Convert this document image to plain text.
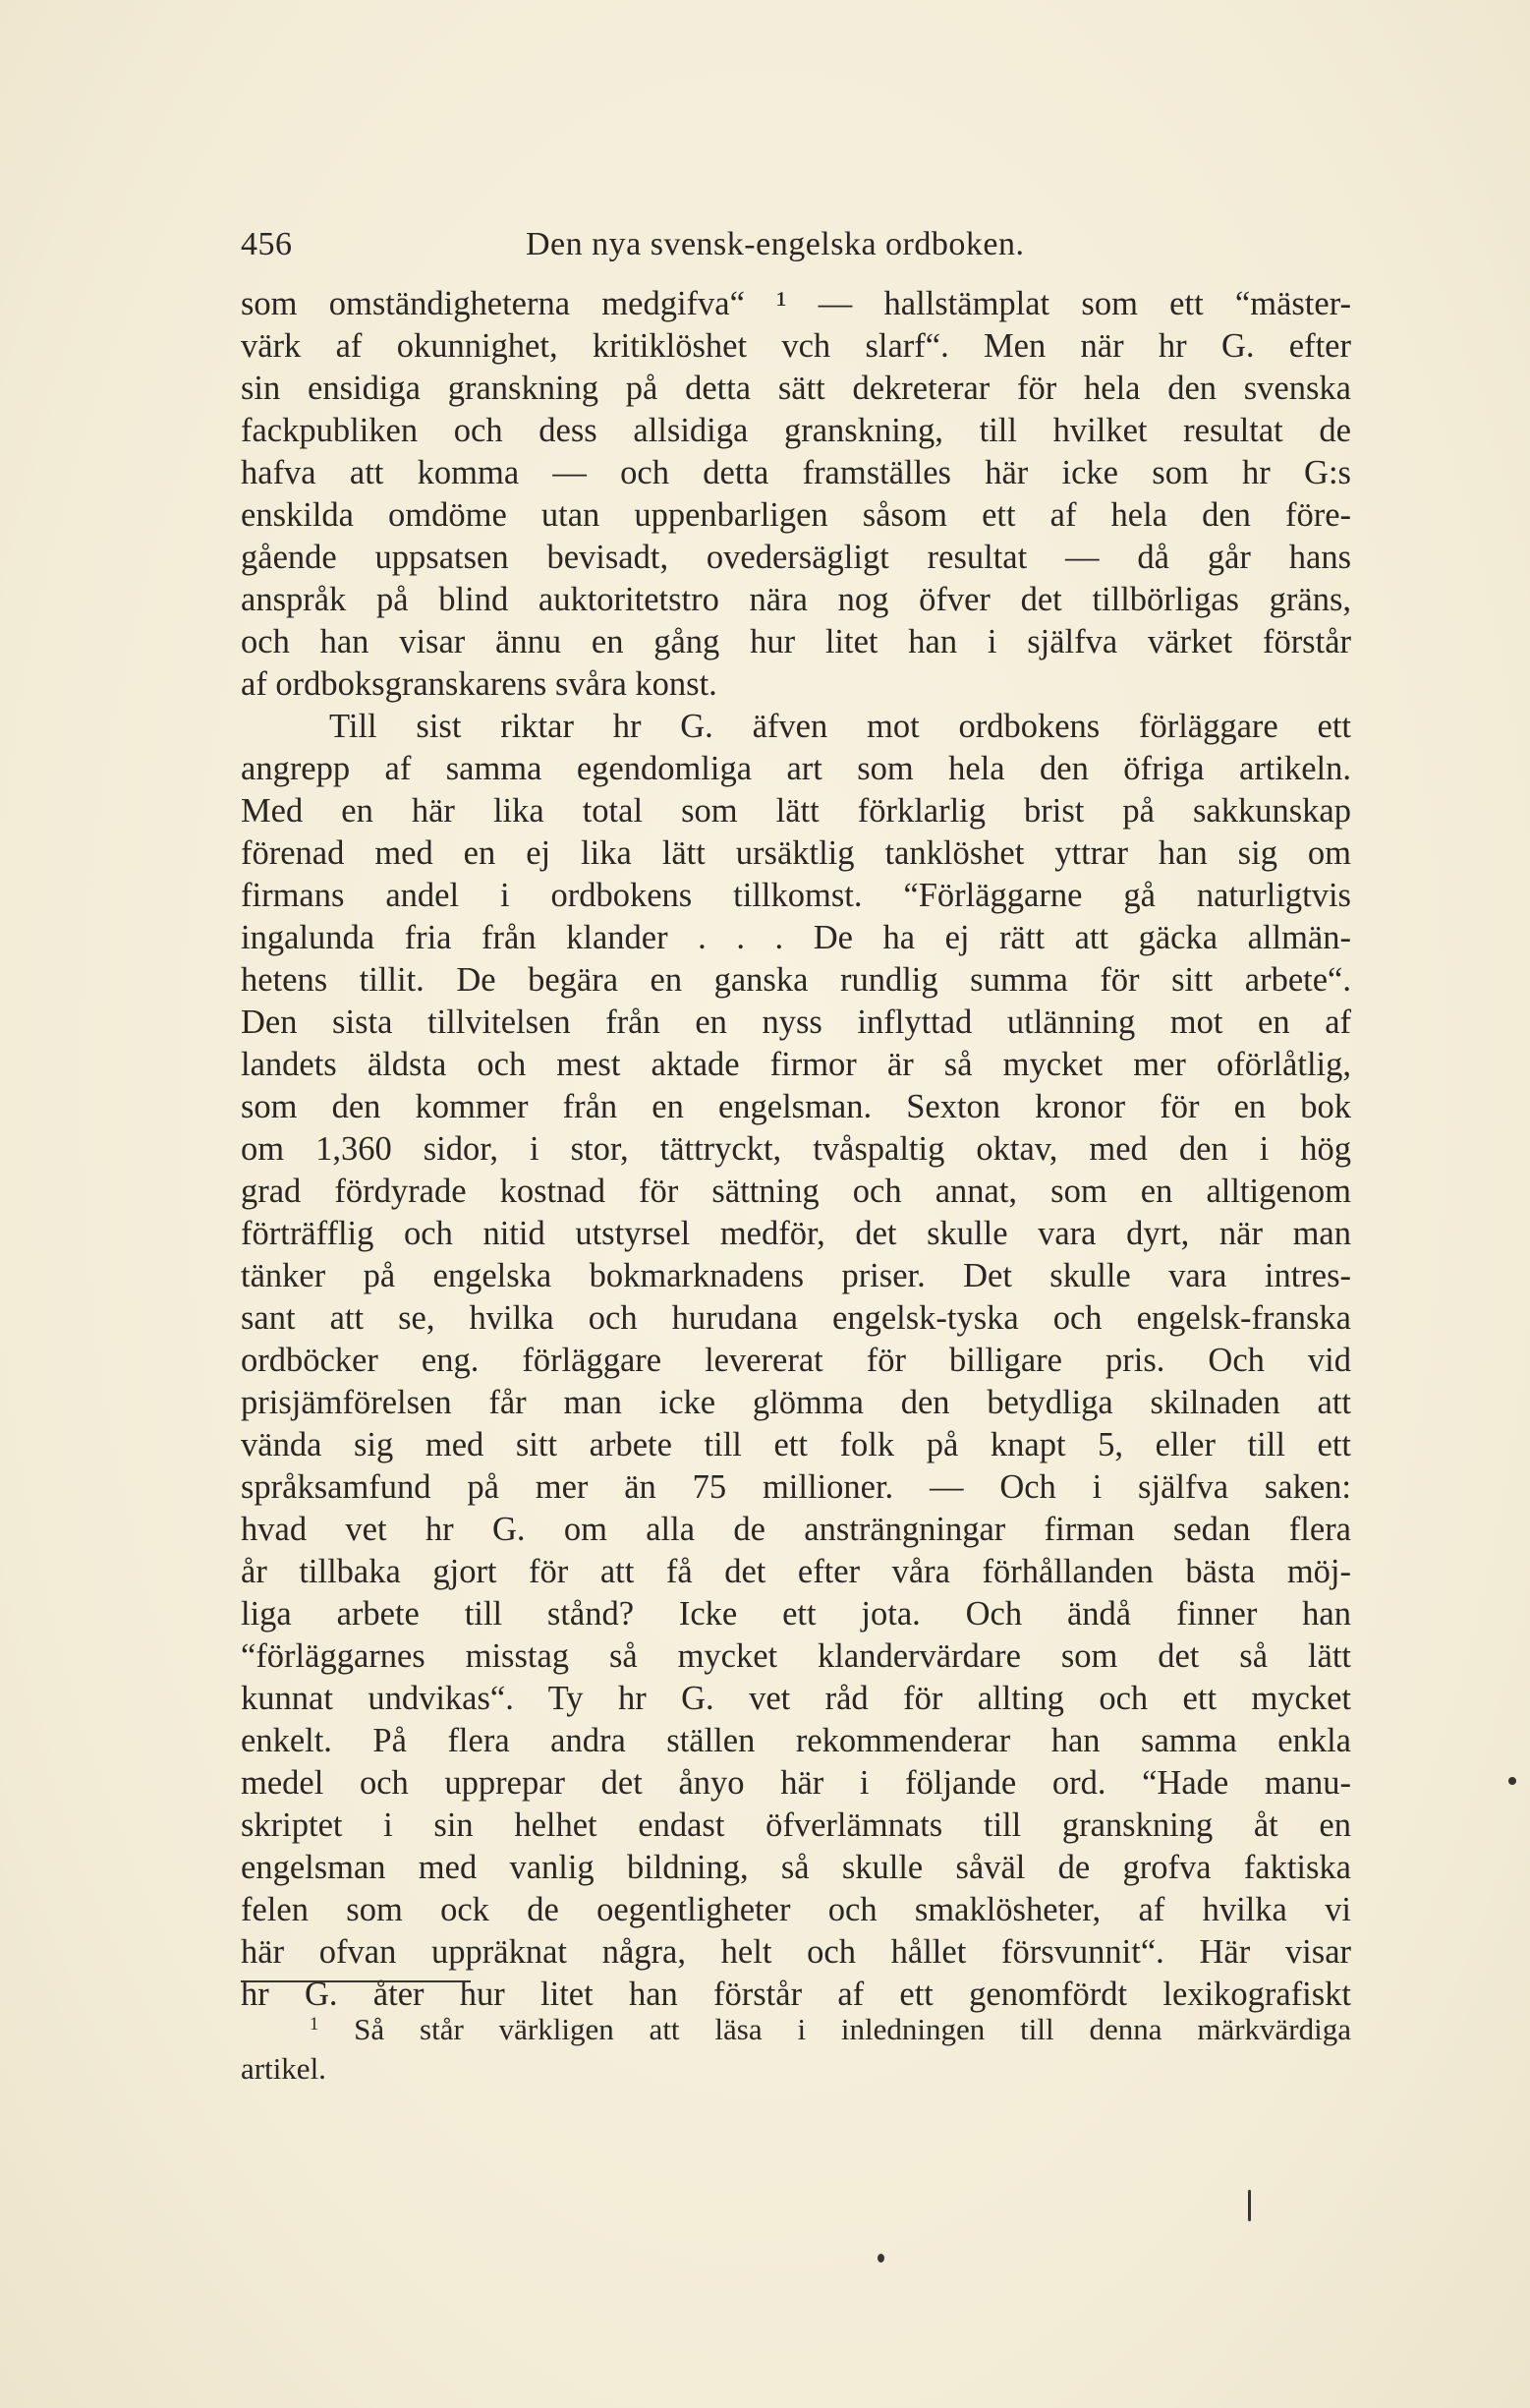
456	Den nya svensk-engelska ordboken.
som omständigheterna medgifva“ ¹ — hallstämplat som ett “mäster-
värk af okunnighet, kritiklöshet vch slarf“. Men när hr G. efter
sin ensidiga granskning på detta sätt dekreterar för hela den svenska
fackpubliken och dess allsidiga granskning, till hvilket resultat de
hafva att komma — och detta framställes här icke som hr G:s
enskilda omdöme utan uppenbarligen såsom ett af hela den före-
gående uppsatsen bevisadt, ovedersägligt resultat — då går hans
anspråk på blind auktoritetstro nära nog öfver det tillbörligas gräns,
och han visar ännu en gång hur litet han i själfva värket förstår
af ordboksgranskarens svåra konst.
Till sist riktar hr G. äfven mot ordbokens förläggare ett
angrepp af samma egendomliga art som hela den öfriga artikeln.
Med en här lika total som lätt förklarlig brist på sakkunskap
förenad med en ej lika lätt ursäktlig tanklöshet yttrar han sig om
firmans andel i ordbokens tillkomst. “Förläggarne gå naturligtvis
ingalunda fria från klander . . . De ha ej rätt att gäcka allmän-
hetens tillit. De begära en ganska rundlig summa för sitt arbete“.
Den sista tillvitelsen från en nyss inflyttad utlänning mot en af
landets äldsta och mest aktade firmor är så mycket mer oförlåtlig,
som den kommer från en engelsman. Sexton kronor för en bok
om 1,360 sidor, i stor, tättryckt, tvåspaltig oktav, med den i hög
grad fördyrade kostnad för sättning och annat, som en alltigenom
förträfflig och nitid utstyrsel medför, det skulle vara dyrt, när man
tänker på engelska bokmarknadens priser. Det skulle vara intres-
sant att se, hvilka och hurudana engelsk-tyska och engelsk-franska
ordböcker eng. förläggare levererat för billigare pris. Och vid
prisjämförelsen får man icke glömma den betydliga skilnaden att
vända sig med sitt arbete till ett folk på knapt 5, eller till ett
språksamfund på mer än 75 millioner. — Och i själfva saken:
hvad vet hr G. om alla de ansträngningar firman sedan flera
år tillbaka gjort för att få det efter våra förhållanden bästa möj-
liga arbete till stånd? Icke ett jota. Och ändå finner han
“förläggarnes misstag så mycket klandervärdare som det så lätt
kunnat undvikas“. Ty hr G. vet råd för allting och ett mycket
enkelt. På flera andra ställen rekommenderar han samma enkla
medel och upprepar det ånyo här i följande ord. “Hade manu-
skriptet i sin helhet endast öfverlämnats till granskning åt en
engelsman med vanlig bildning, så skulle såväl de grofva faktiska
felen som ock de oegentligheter och smaklösheter, af hvilka vi
här ofvan uppräknat några, helt och hållet försvunnit“. Här visar
hr G. åter hur litet han förstår af ett genomfördt lexikografiskt
$^1$ Så står värkligen att läsa i inledningen till denna märkvärdiga
artikel.
